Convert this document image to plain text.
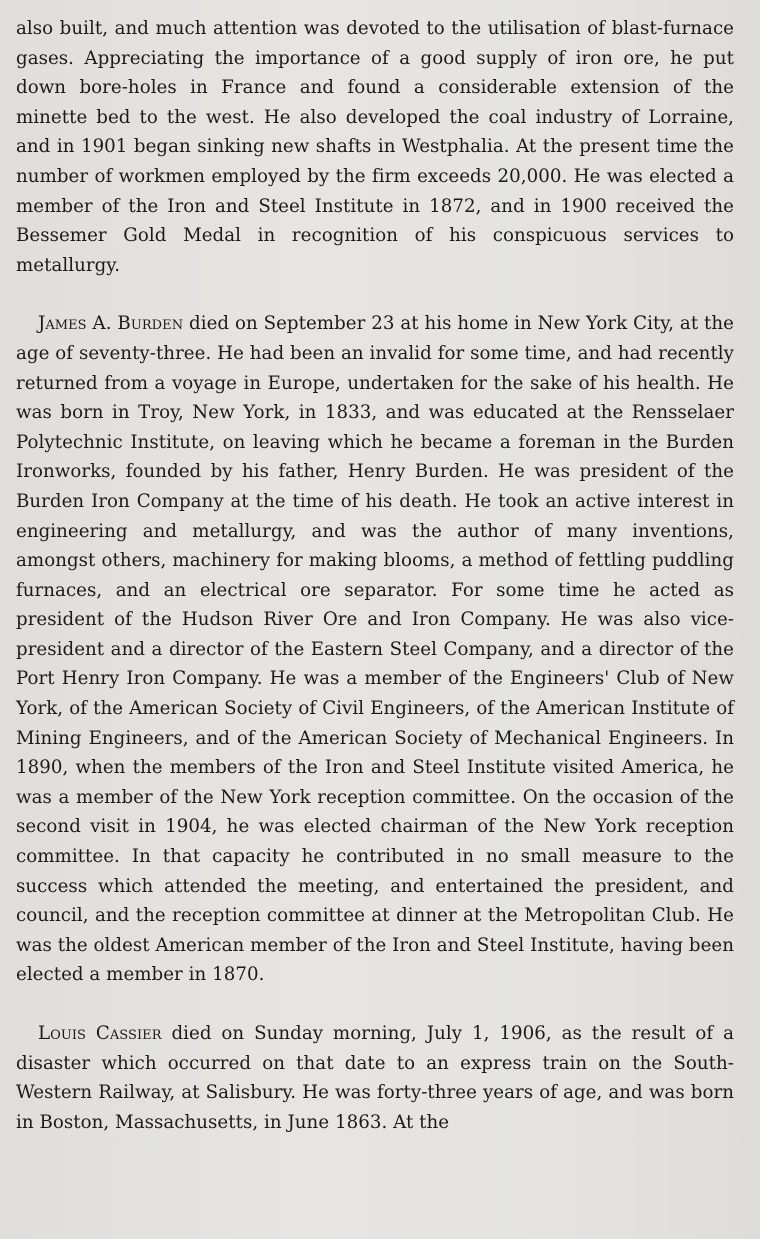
also built, and much attention was devoted to the utilisation of blast-furnace gases. Appreciating the importance of a good supply of iron ore, he put down bore-holes in France and found a considerable extension of the minette bed to the west. He also developed the coal industry of Lorraine, and in 1901 began sinking new shafts in Westphalia. At the present time the number of workmen employed by the firm exceeds 20,000. He was elected a member of the Iron and Steel Institute in 1872, and in 1900 received the Bessemer Gold Medal in recognition of his conspicuous services to metallurgy.

James A. Burden died on September 23 at his home in New York City, at the age of seventy-three. He had been an invalid for some time, and had recently returned from a voyage in Europe, undertaken for the sake of his health. He was born in Troy, New York, in 1833, and was educated at the Rensselaer Polytechnic Institute, on leaving which he became a foreman in the Burden Ironworks, founded by his father, Henry Burden. He was president of the Burden Iron Company at the time of his death. He took an active interest in engineering and metallurgy, and was the author of many inventions, amongst others, machinery for making blooms, a method of fettling puddling furnaces, and an electrical ore separator. For some time he acted as president of the Hudson River Ore and Iron Company. He was also vice-president and a director of the Eastern Steel Company, and a director of the Port Henry Iron Company. He was a member of the Engineers' Club of New York, of the American Society of Civil Engineers, of the American Institute of Mining Engineers, and of the American Society of Mechanical Engineers. In 1890, when the members of the Iron and Steel Institute visited America, he was a member of the New York reception committee. On the occasion of the second visit in 1904, he was elected chairman of the New York reception committee. In that capacity he contributed in no small measure to the success which attended the meeting, and entertained the president, and council, and the reception committee at dinner at the Metropolitan Club. He was the oldest American member of the Iron and Steel Institute, having been elected a member in 1870.

Louis Cassier died on Sunday morning, July 1, 1906, as the result of a disaster which occurred on that date to an express train on the South-Western Railway, at Salisbury. He was forty-three years of age, and was born in Boston, Massachusetts, in June 1863. At the
